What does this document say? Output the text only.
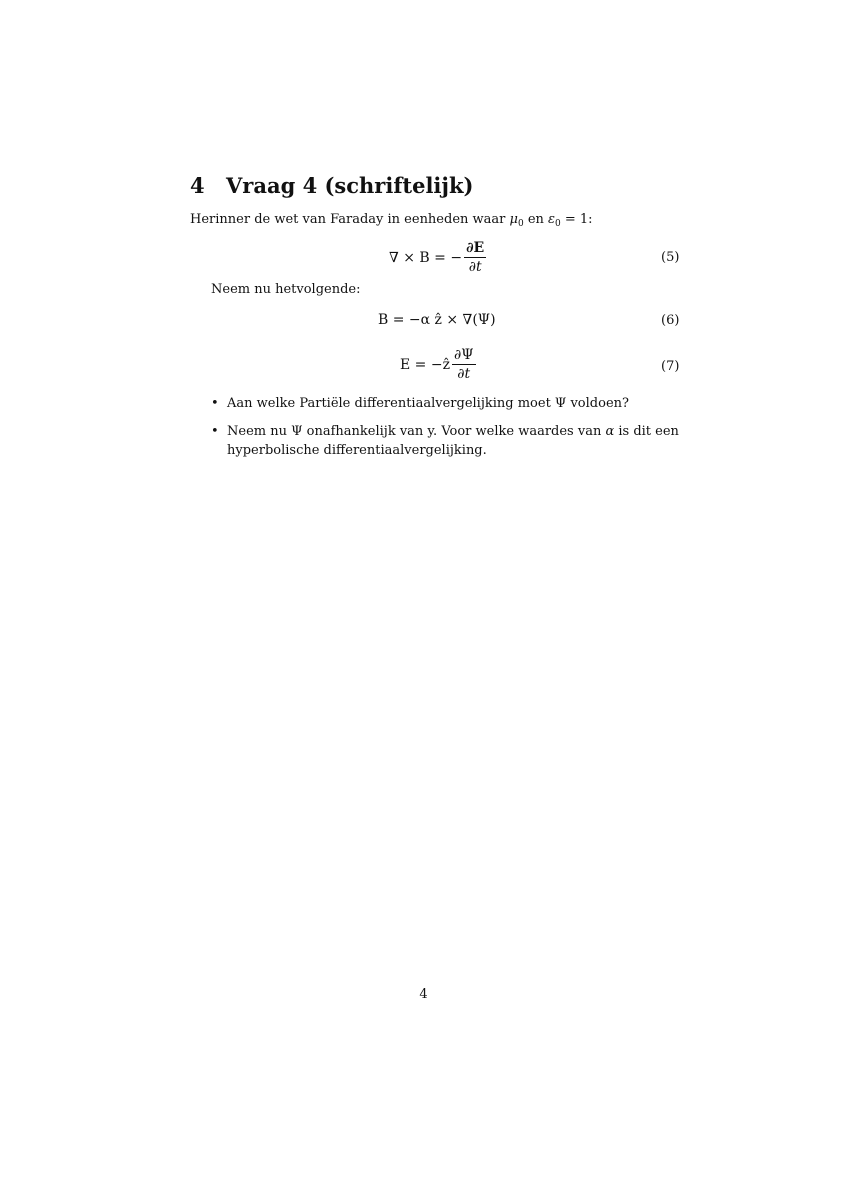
4 Vraag 4 (schriftelijk)
Herinner de wet van Faraday in eenheden waar $\mu_0$ en $\varepsilon_0 = 1$:
∇ × B = − $\frac{\partial E}{\partial t}$	(5)
Neem nu hetvolgende:
B = −α ẑ × ∇(Ψ)	(6)
E = −ẑ $\frac{\partial\Psi}{\partial t}$	(7)
• Aan welke Partiële differentiaalvergelijking moet Ψ voldoen?
• Neem nu Ψ onafhankelijk van y. Voor welke waardes van α is dit een
hyperbolische differentiaalvergelijking.
4
